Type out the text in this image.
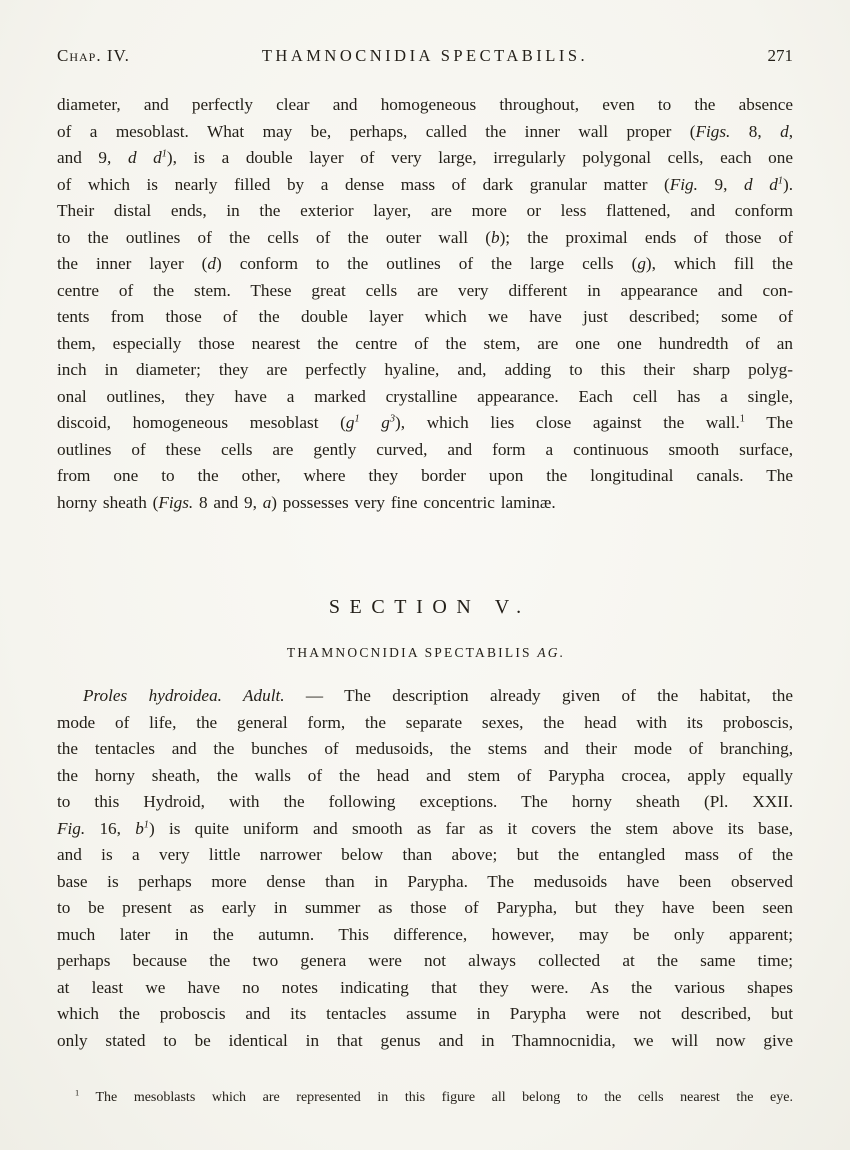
Chap. IV.	THAMNOCNIDIA SPECTABILIS.	271
diameter, and perfectly clear and homogeneous throughout, even to the absence
of a mesoblast. What may be, perhaps, called the inner wall proper (Figs. 8, d,
and 9, d $d^1$), is a double layer of very large, irregularly polygonal cells, each one
of which is nearly filled by a dense mass of dark granular matter (Fig. 9, d $d^1$).
Their distal ends, in the exterior layer, are more or less flattened, and conform
to the outlines of the cells of the outer wall (b); the proximal ends of those of
the inner layer (d) conform to the outlines of the large cells (g), which fill the
centre of the stem. These great cells are very different in appearance and con-
tents from those of the double layer which we have just described; some of
them, especially those nearest the centre of the stem, are one one hundredth of an
inch in diameter; they are perfectly hyaline, and, adding to this their sharp polyg-
onal outlines, they have a marked crystalline appearance. Each cell has a single,
discoid, homogeneous mesoblast ($g^1$ $g^3$), which lies close against the wall.$^1$ The
outlines of these cells are gently curved, and form a continuous smooth surface,
from one to the other, where they border upon the longitudinal canals. The
horny sheath (Figs. 8 and 9, a) possesses very fine concentric laminæ.
SECTION V.
THAMNOCNIDIA SPECTABILIS AG.
Proles hydroidea. Adult. — The description already given of the habitat, the
mode of life, the general form, the separate sexes, the head with its proboscis,
the tentacles and the bunches of medusoids, the stems and their mode of branching,
the horny sheath, the walls of the head and stem of Parypha crocea, apply equally
to this Hydroid, with the following exceptions. The horny sheath (Pl. XXII.
Fig. 16, $b^1$) is quite uniform and smooth as far as it covers the stem above its base,
and is a very little narrower below than above; but the entangled mass of the
base is perhaps more dense than in Parypha. The medusoids have been observed
to be present as early in summer as those of Parypha, but they have been seen
much later in the autumn. This difference, however, may be only apparent;
perhaps because the two genera were not always collected at the same time;
at least we have no notes indicating that they were. As the various shapes
which the proboscis and its tentacles assume in Parypha were not described, but
only stated to be identical in that genus and in Thamnocnidia, we will now give
$^1$ The mesoblasts which are represented in this figure all belong to the cells nearest the eye.
